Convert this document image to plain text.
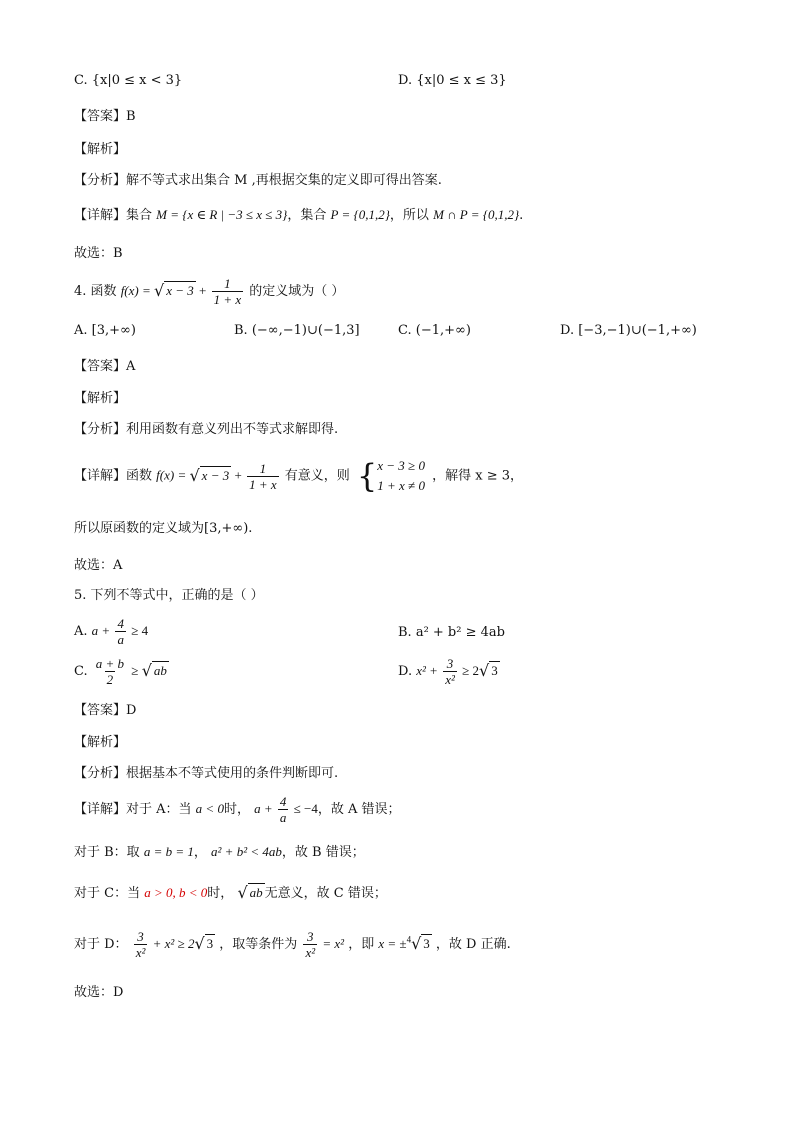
C. {x|0 ≤ x < 3}	D. {x|0 ≤ x ≤ 3}
【答案】B
【解析】
【分析】解不等式求出集合 M ,再根据交集的定义即可得出答案.
【详解】集合 M = {x ∈ R | −3 ≤ x ≤ 3}，集合 P = {0,1,2}，所以 M ∩ P = {0,1,2}.
故选：B
4. 函数 f(x) = √ $x - 3 + \frac{1}{1 + x}$ 的定义域为（ ）
A. [3,+∞)	B. (−∞,−1)∪(−1,3]	C. (−1,+∞)	D. [−3,−1)∪(−1,+∞)
【答案】A
【解析】
【分析】利用函数有意义列出不等式求解即得.
【详解】函数 f(x) = √ $x - 3 + \frac{1}{1 + x}$ 有意义，则 { x − 3 ≥ 0
1 + x ≠ 0
，解得 x ≥ 3，
所以原函数的定义域为[3,+∞).
故选：A
5. 下列不等式中，正确的是（ ）
A. $a + \frac{4}{a} \ge 4$	B. a² + b² ≥ 4ab
C. $\frac{a + b}{2}$ ≥ √ ab	D. $x^2 + \frac{3}{\text{x²}} \ge 2√$ 3
【答案】D
【解析】
【分析】根据基本不等式使用的条件判断即可.
【详解】对于 A：当 a < 0时， $a + \frac{4}{a} \le -4$，故 A 错误；
对于 B：取 a = b = 1， a² + b² < 4ab，故 B 错误；
对于 C：当 a > 0, b < 0时， √ ab 无意义，故 C 错误；
对于 D： $\frac{3}{\text{x²}} + x^2 \ge 2√$ 3 ，取等条件为 $\frac{3}{\text{x²}} = x^2$ ，即 x = ±$^4$√ 3 ，故 D 正确.
故选：D
